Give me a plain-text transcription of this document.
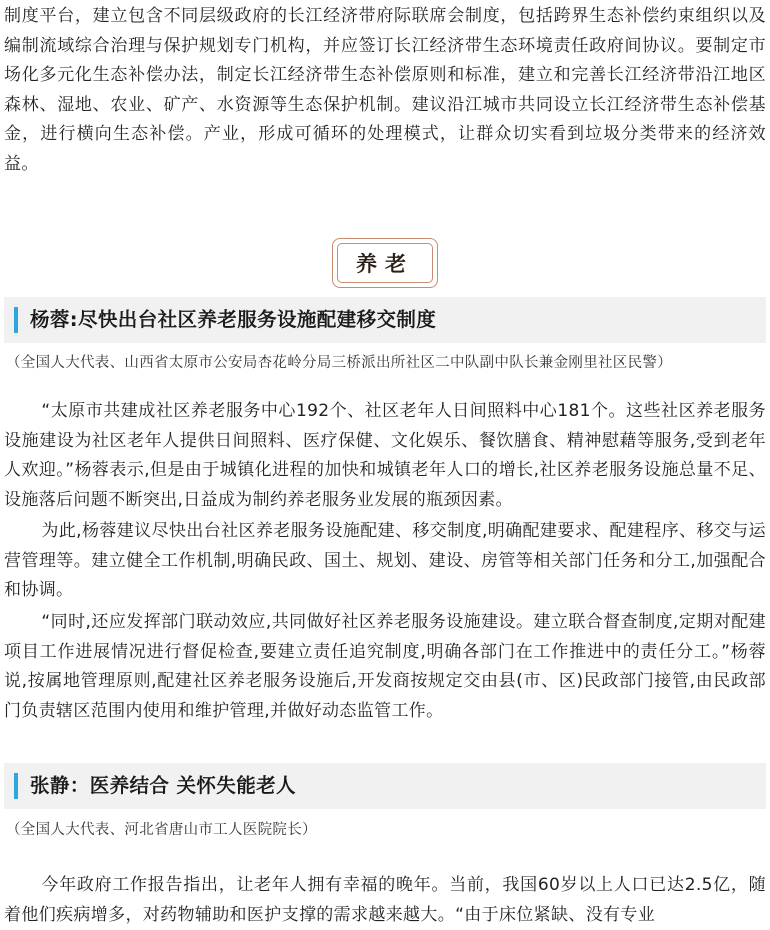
制度平台，建立包含不同层级政府的长江经济带府际联席会制度，包括跨界生态补偿约束组织以及编制流域综合治理与保护规划专门机构，并应签订长江经济带生态环境责任政府间协议。要制定市场化多元化生态补偿办法，制定长江经济带生态补偿原则和标准，建立和完善长江经济带沿江地区森林、湿地、农业、矿产、水资源等生态保护机制。建议沿江城市共同设立长江经济带生态补偿基金，进行横向生态补偿。产业，形成可循环的处理模式，让群众切实看到垃圾分类带来的经济效益。

养老
杨蓉:尽快出台社区养老服务设施配建移交制度
（全国人大代表、山西省太原市公安局杏花岭分局三桥派出所社区二中队副中队长兼金刚里社区民警）

“太原市共建成社区养老服务中心192个、社区老年人日间照料中心181个。这些社区养老服务设施建设为社区老年人提供日间照料、医疗保健、文化娱乐、餐饮膳食、精神慰藉等服务,受到老年人欢迎。”杨蓉表示,但是由于城镇化进程的加快和城镇老年人口的增长,社区养老服务设施总量不足、设施落后问题不断突出,日益成为制约养老服务业发展的瓶颈因素。

为此,杨蓉建议尽快出台社区养老服务设施配建、移交制度,明确配建要求、配建程序、移交与运营管理等。建立健全工作机制,明确民政、国土、规划、建设、房管等相关部门任务和分工,加强配合和协调。

“同时,还应发挥部门联动效应,共同做好社区养老服务设施建设。建立联合督查制度,定期对配建项目工作进展情况进行督促检查,要建立责任追究制度,明确各部门在工作推进中的责任分工。”杨蓉说,按属地管理原则,配建社区养老服务设施后,开发商按规定交由县(市、区)民政部门接管,由民政部门负责辖区范围内使用和维护管理,并做好动态监管工作。

张静：医养结合 关怀失能老人
（全国人大代表、河北省唐山市工人医院院长）

今年政府工作报告指出，让老年人拥有幸福的晚年。当前，我国60岁以上人口已达2.5亿，随着他们疾病增多，对药物辅助和医护支撑的需求越来越大。“由于床位紧缺、没有专业
